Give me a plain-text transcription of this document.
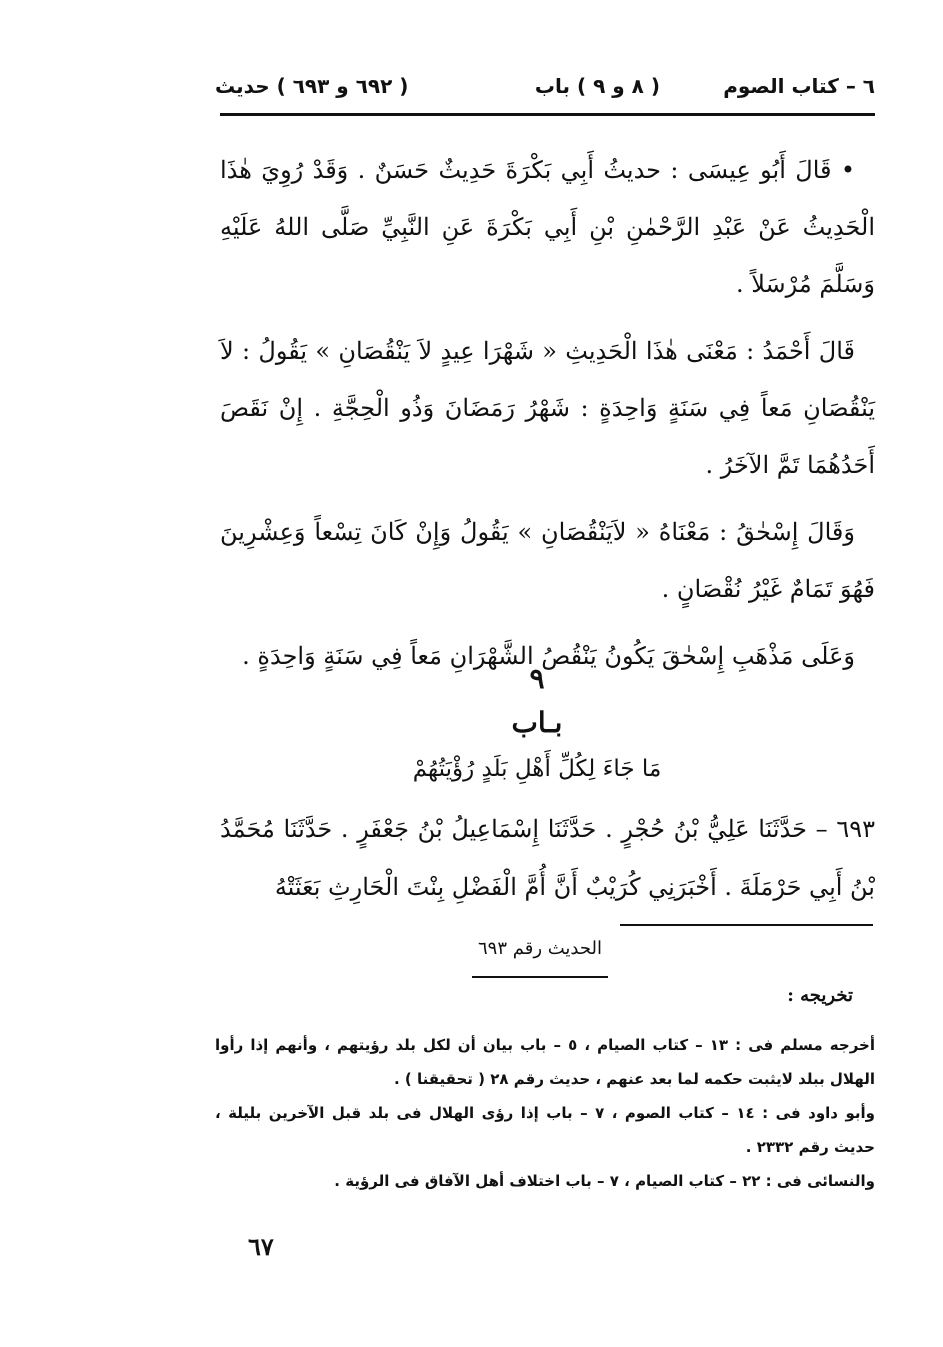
٦ – كتاب الصوم
( ٨ و ٩ ) باب
( ٦٩٢ و ٦٩٣ ) حديث

• قَالَ أَبُو عِيسَى : حديثُ أَبِي بَكْرَةَ حَدِيثٌ حَسَنٌ . وَقَدْ رُوِيَ هٰذَا الْحَدِيثُ عَنْ عَبْدِ الرَّحْمٰنِ بْنِ أَبِي بَكْرَةَ عَنِ النَّبِيِّ صَلَّى اللهُ عَلَيْهِ وَسَلَّمَ مُرْسَلاً .

قَالَ أَحْمَدُ : مَعْنَى هٰذَا الْحَدِيثِ « شَهْرَا عِيدٍ لاَ يَنْقُصَانِ » يَقُولُ : لاَ يَنْقُصَانِ مَعاً فِي سَنَةٍ وَاحِدَةٍ : شَهْرُ رَمَضَانَ وَذُو الْحِجَّةِ . إِنْ نَقَصَ أَحَدُهُمَا تَمَّ الآخَرُ .

وَقَالَ إِسْحٰقُ : مَعْنَاهُ « لاَيَنْقُصَانِ » يَقُولُ وَإِنْ كَانَ تِسْعاً وَعِشْرِينَ فَهُوَ تَمَامٌ غَيْرُ نُقْصَانٍ .

وَعَلَى مَذْهَبِ إِسْحٰقَ يَكُونُ يَنْقُصُ الشَّهْرَانِ مَعاً فِي سَنَةٍ وَاحِدَةٍ .

٩
بـاب
مَا جَاءَ لِكُلِّ أَهْلِ بَلَدٍ رُؤْيَتُهُمْ

٦٩٣ – حَدَّثَنَا عَلِيُّ بْنُ حُجْرٍ . حَدَّثَنَا إِسْمَاعِيلُ بْنُ جَعْفَرٍ . حَدَّثَنَا مُحَمَّدُ بْنُ أَبِي حَرْمَلَةَ . أَخْبَرَنِي كُرَيْبٌ أَنَّ أُمَّ الْفَضْلِ بِنْتَ الْحَارِثِ بَعَثَتْهُ

الحديث رقم ٦٩٣
تخريجه :

أخرجه مسلم فى : ١٣ – كتاب الصيام ، ٥ – باب بيان أن لكل بلد رؤيتهم ، وأنهم إذا رأوا الهلال ببلد لايثبت حكمه لما بعد عنهم ، حديث رقم ٢٨ ( تحقيقنا ) .

وأبو داود فى : ١٤ – كتاب الصوم ، ٧ – باب إذا رؤى الهلال فى بلد قبل الآخرين بليلة ، حديث رقم ٢٣٣٢ .

والنسائى فى : ٢٢ – كتاب الصيام ، ٧ – باب اختلاف أهل الآفاق فى الرؤية .

٦٧
